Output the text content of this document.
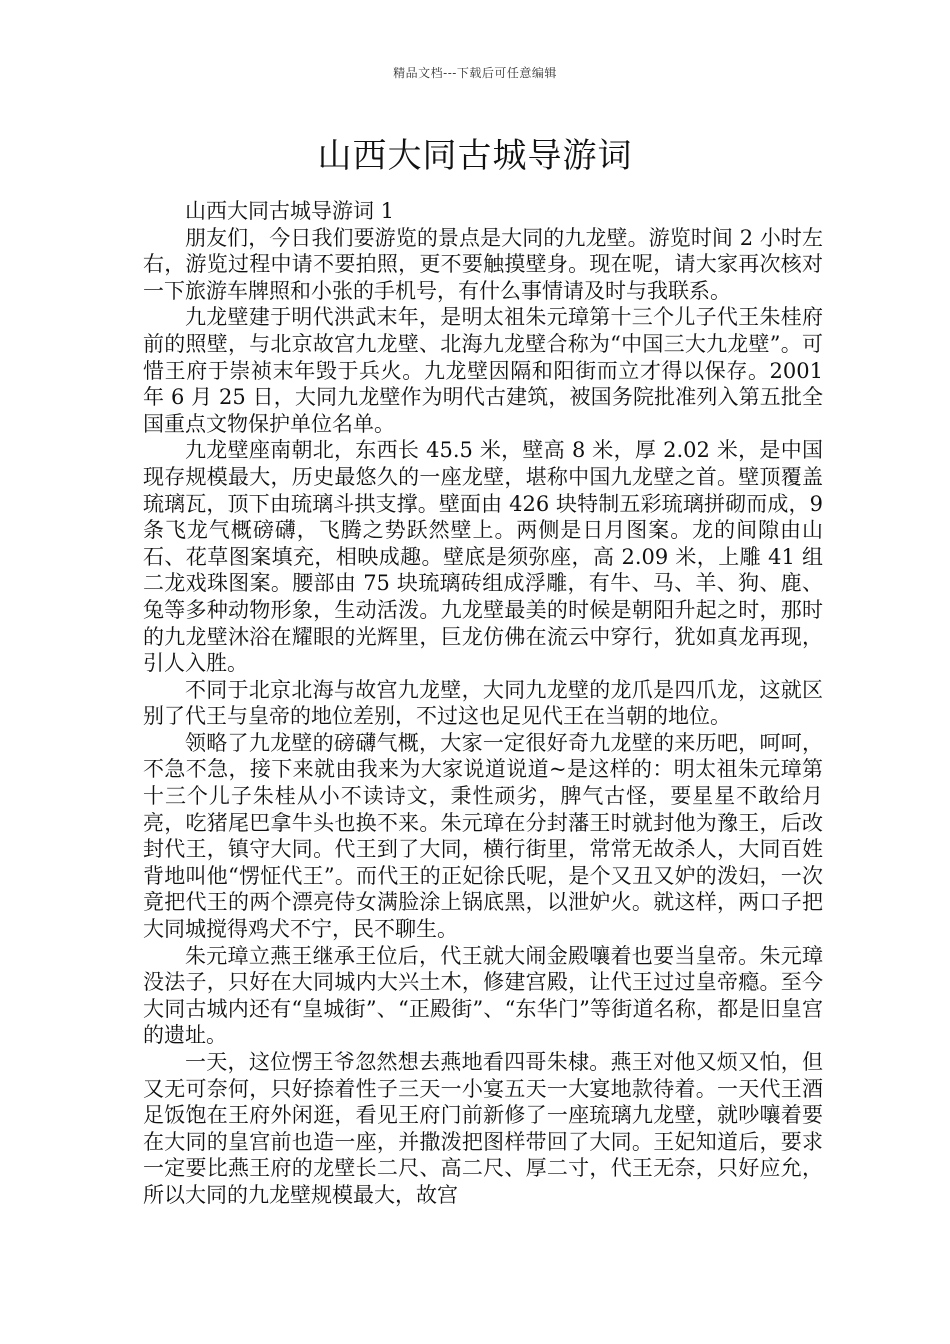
精品文档---下载后可任意编辑
山西大同古城导游词

山西大同古城导游词 1

朋友们，今日我们要游览的景点是大同的九龙壁。游览时间 2 小时左右，游览过程中请不要拍照，更不要触摸壁身。现在呢，请大家再次核对一下旅游车牌照和小张的手机号，有什么事情请及时与我联系。

九龙壁建于明代洪武末年，是明太祖朱元璋第十三个儿子代王朱桂府前的照壁，与北京故宫九龙壁、北海九龙壁合称为“中国三大九龙壁”。可惜王府于崇祯末年毁于兵火。九龙壁因隔和阳街而立才得以保存。2001 年 6 月 25 日，大同九龙壁作为明代古建筑，被国务院批准列入第五批全国重点文物保护单位名单。

九龙壁座南朝北，东西长 45.5 米，壁高 8 米，厚 2.02 米，是中国现存规模最大，历史最悠久的一座龙壁，堪称中国九龙壁之首。壁顶覆盖琉璃瓦，顶下由琉璃斗拱支撑。壁面由 426 块特制五彩琉璃拼砌而成，9 条飞龙气概磅礴，飞腾之势跃然壁上。两侧是日月图案。龙的间隙由山石、花草图案填充，相映成趣。壁底是须弥座，高 2.09 米，上雕 41 组二龙戏珠图案。腰部由 75 块琉璃砖组成浮雕，有牛、马、羊、狗、鹿、兔等多种动物形象，生动活泼。九龙壁最美的时候是朝阳升起之时，那时的九龙壁沐浴在耀眼的光辉里，巨龙仿佛在流云中穿行，犹如真龙再现，引人入胜。

不同于北京北海与故宫九龙壁，大同九龙壁的龙爪是四爪龙，这就区别了代王与皇帝的地位差别，不过这也足见代王在当朝的地位。

领略了九龙壁的磅礴气概，大家一定很好奇九龙壁的来历吧，呵呵，不急不急，接下来就由我来为大家说道说道~是这样的：明太祖朱元璋第十三个儿子朱桂从小不读诗文，秉性顽劣，脾气古怪，要星星不敢给月亮，吃猪尾巴拿牛头也换不来。朱元璋在分封藩王时就封他为豫王，后改封代王，镇守大同。代王到了大同，横行街里，常常无故杀人，大同百姓背地叫他“愣怔代王”。而代王的正妃徐氏呢，是个又丑又妒的泼妇，一次竟把代王的两个漂亮侍女满脸涂上锅底黑，以泄妒火。就这样，两口子把大同城搅得鸡犬不宁，民不聊生。

朱元璋立燕王继承王位后，代王就大闹金殿嚷着也要当皇帝。朱元璋没法子，只好在大同城内大兴土木，修建宫殿，让代王过过皇帝瘾。至今大同古城内还有“皇城街”、“正殿街”、“东华门”等街道名称，都是旧皇宫的遗址。

一天，这位愣王爷忽然想去燕地看四哥朱棣。燕王对他又烦又怕，但又无可奈何，只好捺着性子三天一小宴五天一大宴地款待着。一天代王酒足饭饱在王府外闲逛，看见王府门前新修了一座琉璃九龙壁，就吵嚷着要在大同的皇宫前也造一座，并撒泼把图样带回了大同。王妃知道后，要求一定要比燕王府的龙壁长二尺、高二尺、厚二寸，代王无奈，只好应允，所以大同的九龙壁规模最大，故宫
